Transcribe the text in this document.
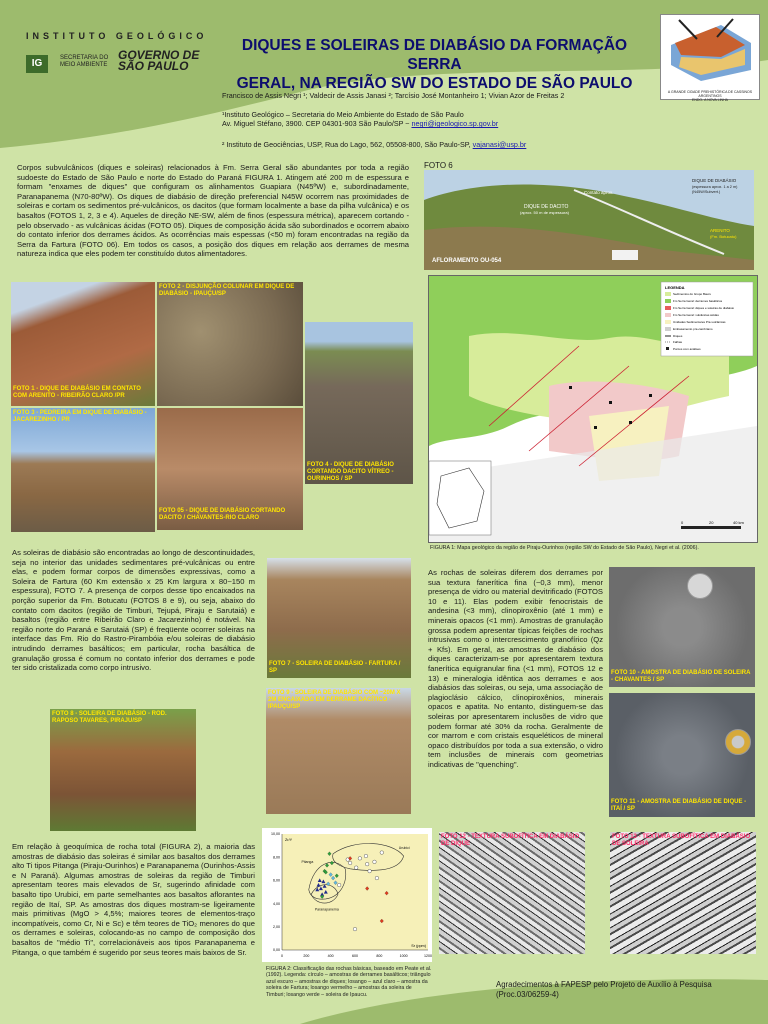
INSTITUTO GEOLÓGICO
IG	SECRETARIA DO
MEIO AMBIENTE
GOVERNO DE
SÃO PAULO
DIQUES E SOLEIRAS DE DIABÁSIO DA FORMAÇÃO SERRA
GERAL, NA REGIÃO SW DO ESTADO DE SÃO PAULO	A GRANDE CIDADE PREHISTÓRICA DE CASSINOS ARGENTINOS
ENDO- A NOVA LINHA
Francisco de Assis Negri ¹; Valdecir de Assis Janasi ²; Tarcísio José Montanheiro 1; Vivian Azor de Freitas 2
¹Instituto Geológico – Secretaria do Meio Ambiente do Estado de São Paulo
Av. Miguel Stéfano, 3900. CEP 04301-903 São Paulo/SP ~ negri@igeologico.sp.gov.br
² Instituto de Geociências, USP, Rua do Lago, 562, 05508-800, São Paulo-SP, vajanasi@usp.br
Corpos subvulcânicos (diques e soleiras) relacionados à Fm. Serra Geral são abundantes por toda a região sudoeste do Estado de São Paulo e norte do Estado do Paraná FIGURA 1. Atingem até 200 m de espessura e formam "enxames de diques" que configuram os alinhamentos Guapiara (N45ºW) e, subordinadamente, Paranapanema (N70-80ºW). Os diques de diabásio de direção preferencial N45W ocorrem nas proximidades de soleiras e cortam os sedimentos pré-vulcânicos, os dacitos (que formam localmente a base da pilha vulcânica) e os basaltos (FOTOS 1, 2, 3 e 4). Aqueles de direção NE-SW, além de finos (espessura métrica), aparecem cortando - pelo observado - as vulcânicas ácidas (FOTO 05). Diques de composição ácida são subordinados e ocorrem abaixo do contato inferior dos derrames ácidos. As ocorrências mais espessas (<50 m) foram encontradas na região da Serra da Fartura (FOTO 06). Em todos os casos, a posição dos diques em relação aos derrames de mesma natureza indica que eles podem ter constituído dutos alimentadores.
FOTO 6
DIQUE DE DACITO
(aprox. 50 m de espessura)
Contato aprox.
DIQUE DE DIABÁSIO
(espessura aprox. 1 a 2 m)
(N45W/Subvert.)
ARENITO
(Fm. Botucatu)
AFLORAMENTO OU-054
FOTO 1 - DIQUE DE DIABÁSIO EM CONTATO COM ARENITO - RIBEIRÃO CLARO /PR
FOTO 2 - DISJUNÇÃO COLUNAR EM DIQUE DE DIABÁSIO - IPAUÇU/SP
FOTO 4 - DIQUE DE DIABÁSIO CORTANDO DACITO VÍTREO - OURINHOS / SP
FOTO 3 - PEDREIRA EM DIQUE DE DIABÁSIO - JACAREZINHO / PR
FOTO 05 - DIQUE DE DIABÁSIO CORTANDO DACITO / CHAVANTES-RIO CLARO
LEGENDA
Sedimentos do Grupo Bauru
Fm Serra Geral: derrames basálticos
Fm Serra Geral: diques e soleiras de diabásio
Fm Serra Geral: vulcânicas ácidas
Unidades Sedimentares Pré-vulcânicas
Embasamento pré-cambriano
Diques
Falhas
Pontos com análises
0	20	40 km
FIGURA 1: Mapa geológico da região de Piraju-Ourinhos (região SW do Estado de São Paulo), Negri et al. (2006).
As soleiras de diabásio são encontradas ao longo de descontinuidades, seja no interior das unidades sedimentares pré-vulcânicas ou entre elas, e podem formar corpos de dimensões expressivas, como a Soleira de Fartura (60 Km extensão x 25 Km largura x 80~150 m espessura), FOTO 7. A presença de corpos desse tipo encaixados na porção superior da Fm. Botucatu (FOTOS 8 e 9), ou seja, abaixo do contato com dacitos (região de Timburi, Tejupá, Piraju e Sarutaiá) e basaltos (região entre Ribeirão Claro e Jacarezinho) é notável. Na região norte do Paraná e Sarutaiá (SP) é freqüente ocorrer soleiras na interface das Fm. Rio do Rastro-Pirambóia e/ou soleiras de diabásio intrudindo derrames basálticos; em particular, rocha basáltica de granulação grossa é comum no contato inferior dos derrames e pode ter sido cristalizada como corpo intrusivo.	FOTO 7 - SOLEIRA DE DIABÁSIO - FARTURA / SP
FOTO 9 - SOLEIRA DE DIABÁSIO COM ~20M X 2M ENCAIXADO EM DERRAME DACÍTICO - IPAUÇU/SP
FOTO 8 - SOLEIRA DE DIABÁSIO - ROD. RAPOSO TAVARES, PIRAJU/SP
As rochas de soleiras diferem dos derrames por sua textura fanerítica fina (~0,3 mm), menor presença de vidro ou material devitrificado (FOTOS 10 e 11). Elas podem exibir fenocristais de andesina (<3 mm), clinopiroxênio (até 1 mm) e minerais opacos (<1 mm). Amostras de granulação grossa podem apresentar típicas feições de rochas intrusivas como o intercrescimento granofírico (Qz + Kfs). Em geral, as amostras de diabásio dos diques caracterizam-se por apresentarem textura fanerítica equigranular fina (<1 mm), FOTOS 12 e 13) e mineralogia idêntica aos derrames e aos diabásios das soleiras, ou seja, uma associação de plagioclásio cálcico, clinopiroxênios, minerais opacos e apatita. No entanto, distinguem-se das soleiras por apresentarem inclusões de vidro que podem formar até 30% da rocha. Geralmente de cor marrom e com cristais esqueléticos de mineral opaco distribuídos por toda a sua extensão, o vidro tem inclusões de minerais com geometrias indicativas de "quenching".
FOTO 10 - AMOSTRA DE DIABÁSIO DE SOLEIRA - CHAVANTES / SP
FOTO 11 - AMOSTRA DE DIABÁSIO DE DIQUE - ITAÍ / SP
Em relação à geoquímica de rocha total (FIGURA 2), a maioria das amostras de diabásio das soleiras é similar aos basaltos dos derrames alto Ti tipos Pitanga (Piraju-Ourinhos) e Paranapanema (Ourinhos-Assis e N Paraná). Algumas amostras de soleiras da região de Timburi apresentam teores mais elevados de Sr, sugerindo afinidade com basalto tipo Urubici, em parte semelhantes aos basaltos aflorantes na região de Itaí, SP. As amostras dos diques mostram-se ligeiramente mais primitivas (MgO > 4,5%; maiores teores de elementos-traço incompatíveis, como Cr, Ni e Sc) e têm teores de TiO₂ menores do que os derrames e soleiras, colocando-as no campo de composição dos basaltos de "médio Ti", correlacionáveis aos tipos Paranapanema e Pitanga, o que também é sugerido por seus teores mais baixos de Sr.
Urubici
Pitanga
Paranapanema
0	200	400	600	800	1000	1200
0,00
2,00
4,00
6,00
8,00
10,00
Sr (ppm)
Zr/Y
FIGURA 2: Classificação das rochas básicas, baseado em Peate et al. (1992). Legenda: círculo – amostras de derrames basálticos; triângulo azul escuro – amostras de diques; losango – azul claro – amostra da soleira de Fartura; losango vermelho – amostras da soleira de Timburi; losango verde – soleira de Ipaucu.
FOTO 12 - TEXTURA SUBOFÍTICA EM DIABÁSIO DE DIQUE
FOTO 13 - TEXTURA SUBOFÍTICA EM DIABÁSIO DE SOLEIRA
Agradecimentos à FAPESP pelo Projeto de Auxílio à Pesquisa (Proc.03/06259-4)
